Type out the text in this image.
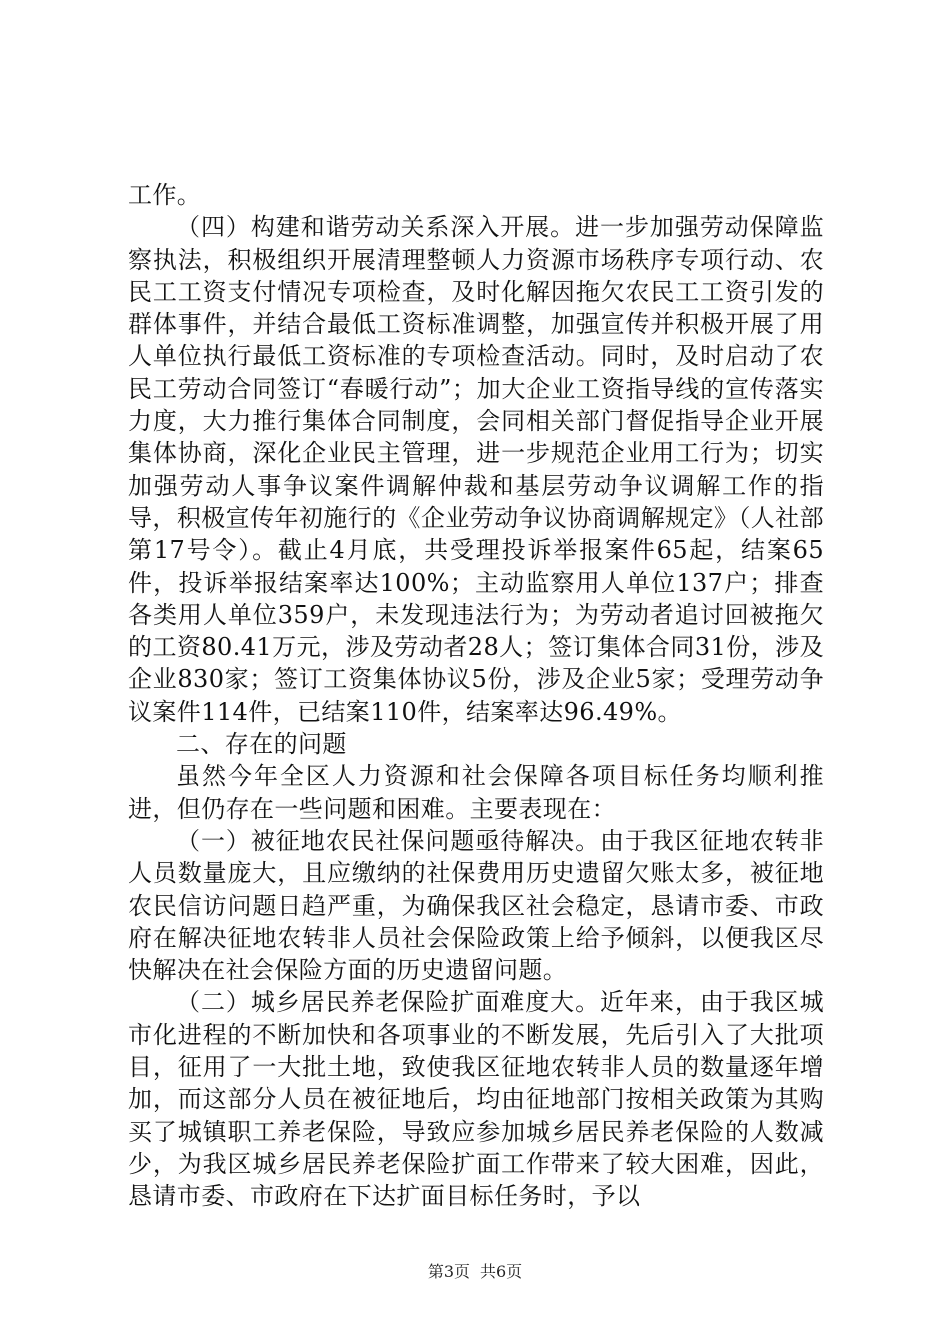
工作。

（四）构建和谐劳动关系深入开展。进一步加强劳动保障监察执法，积极组织开展清理整顿人力资源市场秩序专项行动、农民工工资支付情况专项检查，及时化解因拖欠农民工工资引发的群体事件，并结合最低工资标准调整，加强宣传并积极开展了用人单位执行最低工资标准的专项检查活动。同时，及时启动了农民工劳动合同签订“春暖行动”；加大企业工资指导线的宣传落实力度，大力推行集体合同制度，会同相关部门督促指导企业开展集体协商，深化企业民主管理，进一步规范企业用工行为；切实加强劳动人事争议案件调解仲裁和基层劳动争议调解工作的指导，积极宣传年初施行的《企业劳动争议协商调解规定》（人社部第17号令）。截止4月底，共受理投诉举报案件65起，结案65件，投诉举报结案率达100%；主动监察用人单位137户；排查各类用人单位359户，未发现违法行为；为劳动者追讨回被拖欠的工资80.41万元，涉及劳动者28人；签订集体合同31份，涉及企业830家；签订工资集体协议5份，涉及企业5家；受理劳动争议案件114件，已结案110件，结案率达96.49%。

二、存在的问题

虽然今年全区人力资源和社会保障各项目标任务均顺利推进，但仍存在一些问题和困难。主要表现在：

（一）被征地农民社保问题亟待解决。由于我区征地农转非人员数量庞大，且应缴纳的社保费用历史遗留欠账太多，被征地农民信访问题日趋严重，为确保我区社会稳定，恳请市委、市政府在解决征地农转非人员社会保险政策上给予倾斜，以便我区尽快解决在社会保险方面的历史遗留问题。

（二）城乡居民养老保险扩面难度大。近年来，由于我区城市化进程的不断加快和各项事业的不断发展，先后引入了大批项目，征用了一大批土地，致使我区征地农转非人员的数量逐年增加，而这部分人员在被征地后，均由征地部门按相关政策为其购买了城镇职工养老保险，导致应参加城乡居民养老保险的人数减少，为我区城乡居民养老保险扩面工作带来了较大困难，因此，恳请市委、市政府在下达扩面目标任务时，予以

第3页 共6页
